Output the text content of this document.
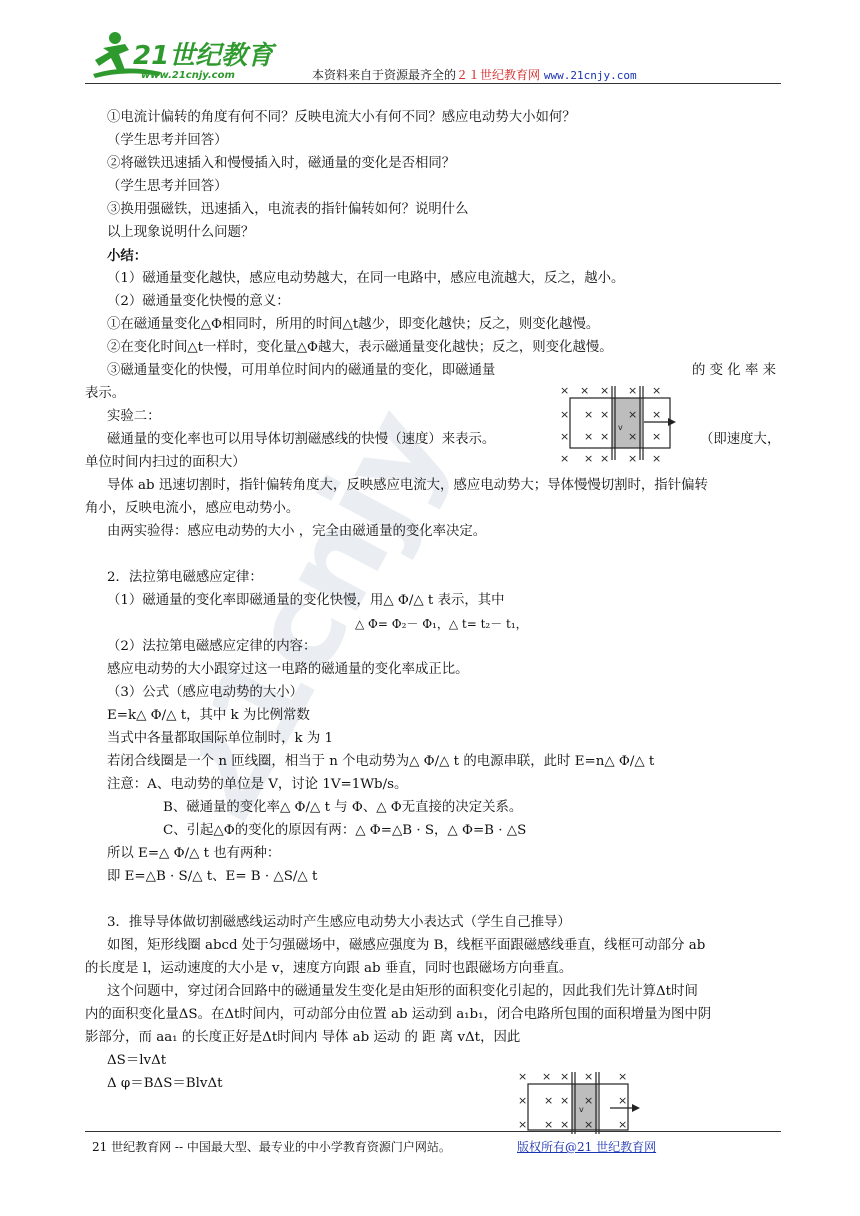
21世纪教育
www.21cnjy.com	本资料来自于资源最齐全的２１世纪教育网 www.21cnjy.com
21cnjy
①电流计偏转的角度有何不同？反映电流大小有何不同？感应电动势大小如何？
（学生思考并回答）
②将磁铁迅速插入和慢慢插入时，磁通量的变化是否相同？
（学生思考并回答）
③换用强磁铁，迅速插入，电流表的指针偏转如何？说明什么
以上现象说明什么问题？
小结：
（1）磁通量变化越快，感应电动势越大，在同一电路中，感应电流越大，反之，越小。
（2）磁通量变化快慢的意义：
①在磁通量变化△Φ相同时，所用的时间△t越少，即变化越快；反之，则变化越慢。
②在变化时间△t一样时，变化量△Φ越大，表示磁通量变化越快；反之，则变化越慢。
③磁通量变化的快慢，可用单位时间内的磁通量的变化，即磁通量	的 变 化 率 来
表示。
实验二：
磁通量的变化率也可以用导体切割磁感线的快慢（速度）来表示。	（即速度大，
单位时间内扫过的面积大）
导体 ab 迅速切割时，指针偏转角度大，反映感应电流大，感应电动势大；导体慢慢切割时，指针偏转
角小，反映电流小，感应电动势小。
由两实验得：感应电动势的大小 ，完全由磁通量的变化率决定。
2．法拉第电磁感应定律：
（1）磁通量的变化率即磁通量的变化快慢，用△ Φ/△ t 表示，其中
△ Φ= Φ₂－ Φ₁，△ t= t₂－ t₁，
（2）法拉第电磁感应定律的内容：
感应电动势的大小跟穿过这一电路的磁通量的变化率成正比。
（3）公式（感应电动势的大小）
E=k△ Φ/△ t，其中 k 为比例常数
当式中各量都取国际单位制时，k 为 1
若闭合线圈是一个 n 匝线圈，相当于 n 个电动势为△ Φ/△ t 的电源串联，此时 E=n△ Φ/△ t
注意：A、电动势的单位是 V，讨论 1V=1Wb/s。
B、磁通量的变化率△ Φ/△ t 与 Φ、△ Φ无直接的决定关系。
C、引起△Φ的变化的原因有两：△ Φ=△B · S，△ Φ=B · △S
所以 E=△ Φ/△ t 也有两种：
即 E=△B · S/△ t、E= B · △S/△ t
3．推导导体做切割磁感线运动时产生感应电动势大小表达式（学生自己推导）
如图，矩形线圈 abcd 处于匀强磁场中，磁感应强度为 B，线框平面跟磁感线垂直，线框可动部分 ab
的长度是 l，运动速度的大小是 v，速度方向跟 ab 垂直，同时也跟磁场方向垂直。
这个问题中，穿过闭合回路中的磁通量发生变化是由矩形的面积变化引起的，因此我们先计算Δt时间
内的面积变化量ΔS。在Δt时间内，可动部分由位置 ab 运动到 a₁b₁，闭合电路所包围的面积增量为图中阴
影部分，而 aa₁ 的长度正好是Δt时间内 导体 ab 运动 的 距 离 vΔt，因此
ΔS＝lvΔt
Δ φ＝BΔS＝BlvΔt
× × × × ×
× × × × ×
× × × × ×
× × × × ×
v
× × × × ×
× × × × ×
× × × × ×
v
21 世纪教育网 -- 中国最大型、最专业的中小学教育资源门户网站。	版权所有@21 世纪教育网
